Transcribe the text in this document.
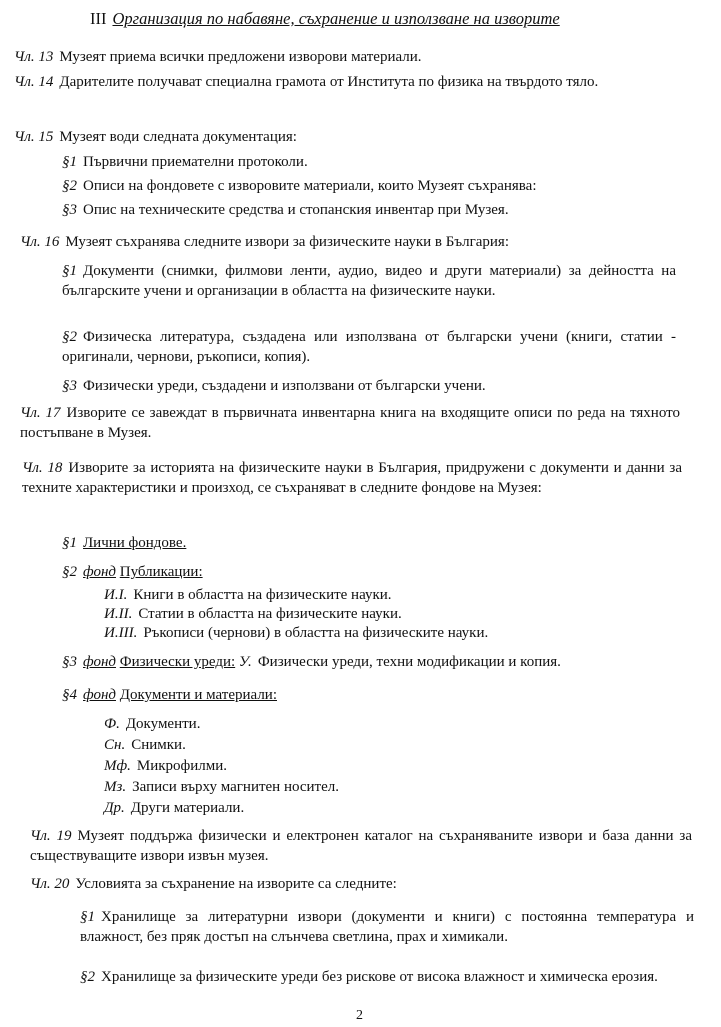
III Организация по набавяне, съхранение и използване на изворите
Чл. 13 Музеят приема всички предложени изворови материали.
Чл. 14 Дарителите получават специална грамота от Института по физика на твърдото тяло.
Чл. 15 Музеят води следната документация:
§1 Първични приемателни протоколи.
§2 Описи на фондовете с изворовите материали, които Музеят съхранява:
§3 Опис на техническите средства и стопанския инвентар при Музея.
Чл. 16 Музеят съхранява следните извори за физическите науки в България:
§1 Документи (снимки, филмови ленти, аудио, видео и други материали) за дейността на българските учени и организации в областта на физическите науки.
§2 Физическа литература, създадена или използвана от български учени (книги, статии - оригинали, чернови, ръкописи, копия).
§3 Физически уреди, създадени и използвани от български учени.
Чл. 17 Изворите се завеждат в първичната инвентарна книга на входящите описи по реда на тяхното постъпване в Музея.
Чл. 18 Изворите за историята на физическите науки в България, придружени с документи и данни за техните характеристики и произход, се съхраняват в следните фондове на Музея:
§1 Лични фондове.
§2 фонд Публикации:
И.І. Книги в областта на физическите науки.
И.ІІ. Статии в областта на физическите науки.
И.ІІІ. Ръкописи (чернови) в областта на физическите науки.
§3 фонд Физически уреди: У. Физически уреди, техни модификации и копия.
§4 фонд Документи и материали:
Ф. Документи.
Сн. Снимки.
Мф. Микрофилми.
Мз. Записи върху магнитен носител.
Др. Други материали.
Чл. 19 Музеят поддържа физически и електронен каталог на съхраняваните извори и база данни за съществуващите извори извън музея.
Чл. 20 Условията за съхранение на изворите са следните:
§1 Хранилище за литературни извори (документи и книги) с постоянна температура и влажност, без пряк достъп на слънчева светлина, прах и химикали.
§2 Хранилище за физическите уреди без рискове от висока влажност и химическа ерозия.
2
